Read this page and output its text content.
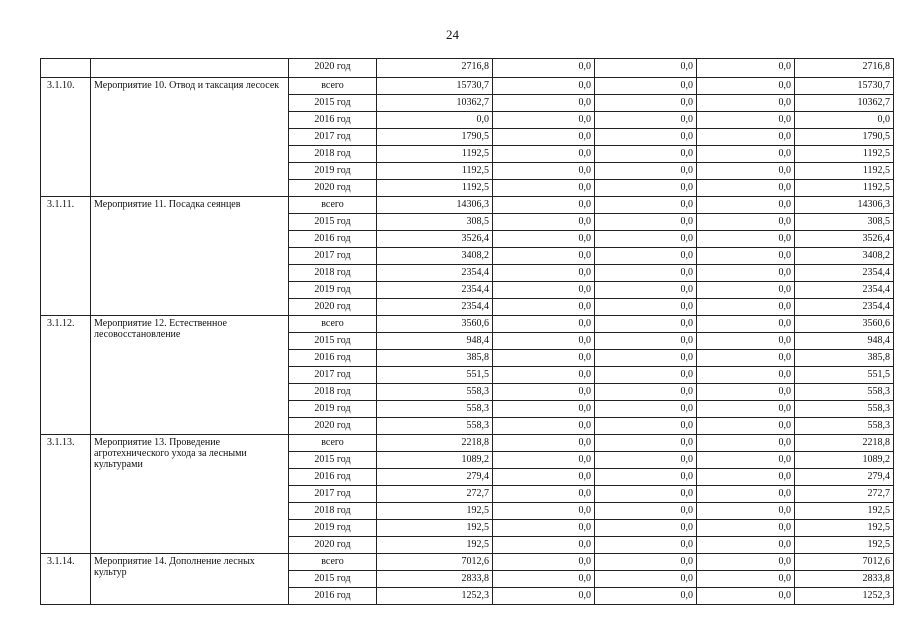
24
		2020 год	2716,8	0,0	0,0	0,0	2716,8
3.1.10.	Мероприятие 10. Отвод и таксация лесосек	всего	15730,7	0,0	0,0	0,0	15730,7
		2015 год	10362,7	0,0	0,0	0,0	10362,7
		2016 год	0,0	0,0	0,0	0,0	0,0
		2017 год	1790,5	0,0	0,0	0,0	1790,5
		2018 год	1192,5	0,0	0,0	0,0	1192,5
		2019 год	1192,5	0,0	0,0	0,0	1192,5
		2020 год	1192,5	0,0	0,0	0,0	1192,5
3.1.11.	Мероприятие 11. Посадка сеянцев	всего	14306,3	0,0	0,0	0,0	14306,3
		2015 год	308,5	0,0	0,0	0,0	308,5
		2016 год	3526,4	0,0	0,0	0,0	3526,4
		2017 год	3408,2	0,0	0,0	0,0	3408,2
		2018 год	2354,4	0,0	0,0	0,0	2354,4
		2019 год	2354,4	0,0	0,0	0,0	2354,4
		2020 год	2354,4	0,0	0,0	0,0	2354,4
3.1.12.	Мероприятие 12. Естественное лесовосстановление	всего	3560,6	0,0	0,0	0,0	3560,6
		2015 год	948,4	0,0	0,0	0,0	948,4
		2016 год	385,8	0,0	0,0	0,0	385,8
		2017 год	551,5	0,0	0,0	0,0	551,5
		2018 год	558,3	0,0	0,0	0,0	558,3
		2019 год	558,3	0,0	0,0	0,0	558,3
		2020 год	558,3	0,0	0,0	0,0	558,3
3.1.13.	Мероприятие 13. Проведение агротехнического ухода за лесными культурами	всего	2218,8	0,0	0,0	0,0	2218,8
		2015 год	1089,2	0,0	0,0	0,0	1089,2
		2016 год	279,4	0,0	0,0	0,0	279,4
		2017 год	272,7	0,0	0,0	0,0	272,7
		2018 год	192,5	0,0	0,0	0,0	192,5
		2019 год	192,5	0,0	0,0	0,0	192,5
		2020 год	192,5	0,0	0,0	0,0	192,5
3.1.14.	Мероприятие 14. Дополнение лесных культур	всего	7012,6	0,0	0,0	0,0	7012,6
		2015 год	2833,8	0,0	0,0	0,0	2833,8
		2016 год	1252,3	0,0	0,0	0,0	1252,3
